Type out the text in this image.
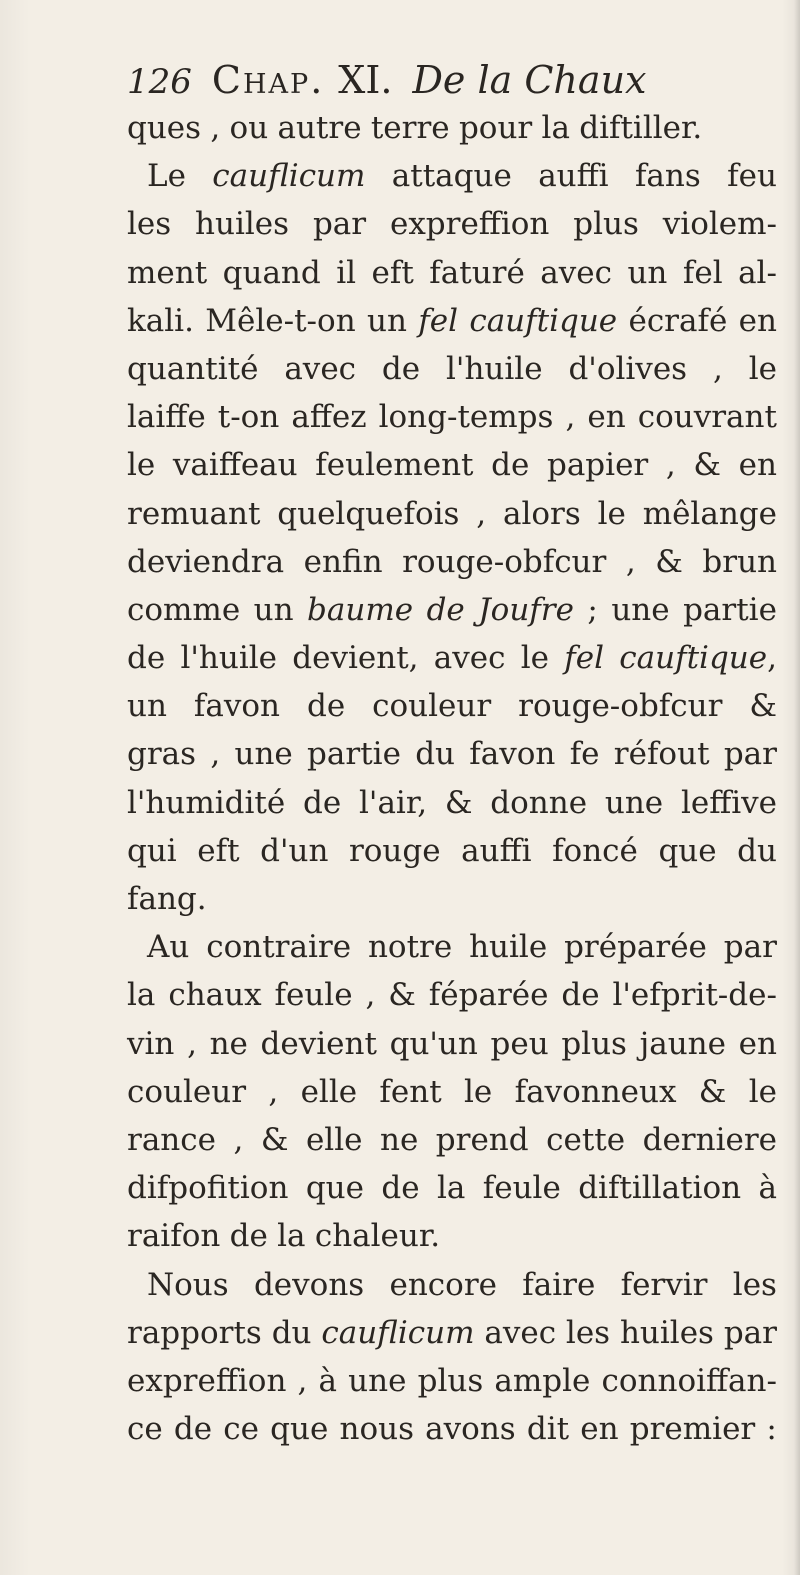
126 Chap. XI. De la Chaux
ques , ou autre terre pour la diftiller.
Le cauflicum attaque auffi fans feu
les huiles par expreffion plus violem-
ment quand il eft faturé avec un fel al-
kali. Mêle-t-on un fel cauftique écrafé en
quantité avec de l'huile d'olives , le
laiffe t-on affez long-temps , en couvrant
le vaiffeau feulement de papier , & en
remuant quelquefois , alors le mêlange
deviendra enfin rouge-obfcur , & brun
comme un baume de Joufre ; une partie
de l'huile devient, avec le fel cauftique,
un favon de couleur rouge-obfcur &
gras , une partie du favon fe réfout par
l'humidité de l'air, & donne une leffive
qui eft d'un rouge auffi foncé que du
fang.
Au contraire notre huile préparée par
la chaux feule , & féparée de l'efprit-de-
vin , ne devient qu'un peu plus jaune en
couleur , elle fent le favonneux & le
rance , & elle ne prend cette derniere
difpofition que de la feule diftillation à
raifon de la chaleur.
Nous devons encore faire fervir les
rapports du cauflicum avec les huiles par
expreffion , à une plus ample connoiffan-
ce de ce que nous avons dit en premier :
